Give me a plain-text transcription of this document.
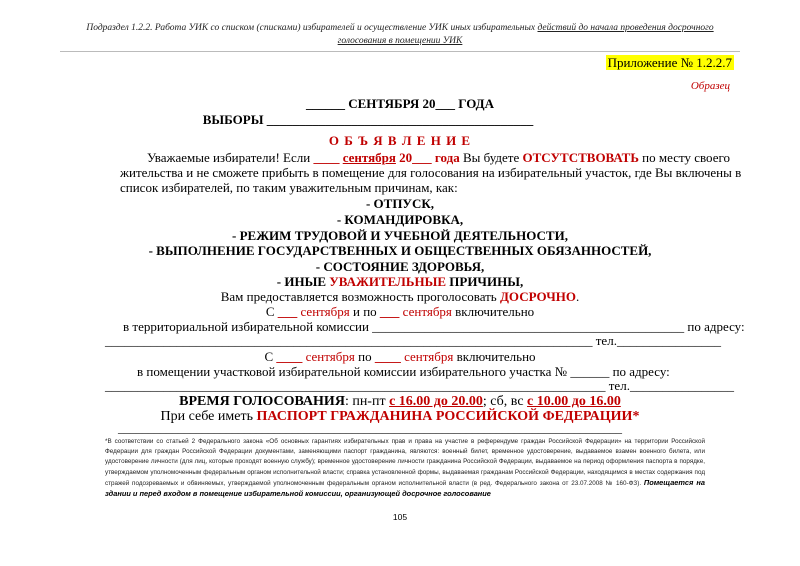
Подраздел 1.2.2. Работа УИК со списком (списками) избирателей и осуществление УИК иных избирательных действий до начала проведения досрочного
голосования в помещении УИК
Приложение № 1.2.2.7
Образец
______ СЕНТЯБРЯ 20___ ГОДА
ВЫБОРЫ _________________________________________
О Б Ъ Я В Л Е Н И Е
Уважаемые избиратели! Если ____ сентября 20___ года Вы будете ОТСУТСТВОВАТЬ по месту своего
жительства и не сможете прибыть в помещение для голосования на избирательный участок, где Вы включены в
список избирателей, по таким уважительным причинам, как:
- ОТПУСК,
- КОМАНДИРОВКА,
- РЕЖИМ ТРУДОВОЙ И УЧЕБНОЙ ДЕЯТЕЛЬНОСТИ,
- ВЫПОЛНЕНИЕ ГОСУДАРСТВЕННЫХ И ОБЩЕСТВЕННЫХ ОБЯЗАННОСТЕЙ,
- СОСТОЯНИЕ ЗДОРОВЬЯ,
- ИНЫЕ УВАЖИТЕЛЬНЫЕ ПРИЧИНЫ,
Вам предоставляется возможность проголосовать ДОСРОЧНО.
С ___ сентября и по ___ сентября включительно
в территориальной избирательной комиссии ________________________________________________ по адресу:
___________________________________________________________________________ тел.________________
С ____ сентября по ____ сентября включительно
в помещении участковой избирательной комиссии избирательного участка № ______ по адресу:
_____________________________________________________________________________ тел.________________
ВРЕМЯ ГОЛОСОВАНИЯ: пн-пт с 16.00 до 20.00; сб, вс с 10.00 до 16.00
При себе иметь ПАСПОРТ ГРАЖДАНИНА РОССИЙСКОЙ ФЕДЕРАЦИИ*
____________________________________________________________________________________
*В соответствии со статьей 2 Федерального закона «Об основных гарантиях избирательных прав и права на участие в референдуме граждан Российской Федерации» на территории Российской Федерации для граждан Российской Федерации документами, заменяющими паспорт гражданина, являются: военный билет, временное удостоверение, выдаваемое взамен военного билета, или удостоверение личности (для лиц, которые проходят военную службу); временное удостоверение личности гражданина Российской Федерации, выдаваемое на период оформления паспорта в порядке, утверждаемом уполномоченным федеральным органом исполнительной власти; справка установленной формы, выдаваемая гражданам Российской Федерации, находящимся в местах содержания под стражей подозреваемых и обвиняемых, утверждаемой уполномоченным федеральным органом исполнительной власти (в ред. Федерального закона от 23.07.2008 № 160-ФЗ). Помещается на здании и перед входом в помещение избирательной комиссии, организующей досрочное голосование
105
